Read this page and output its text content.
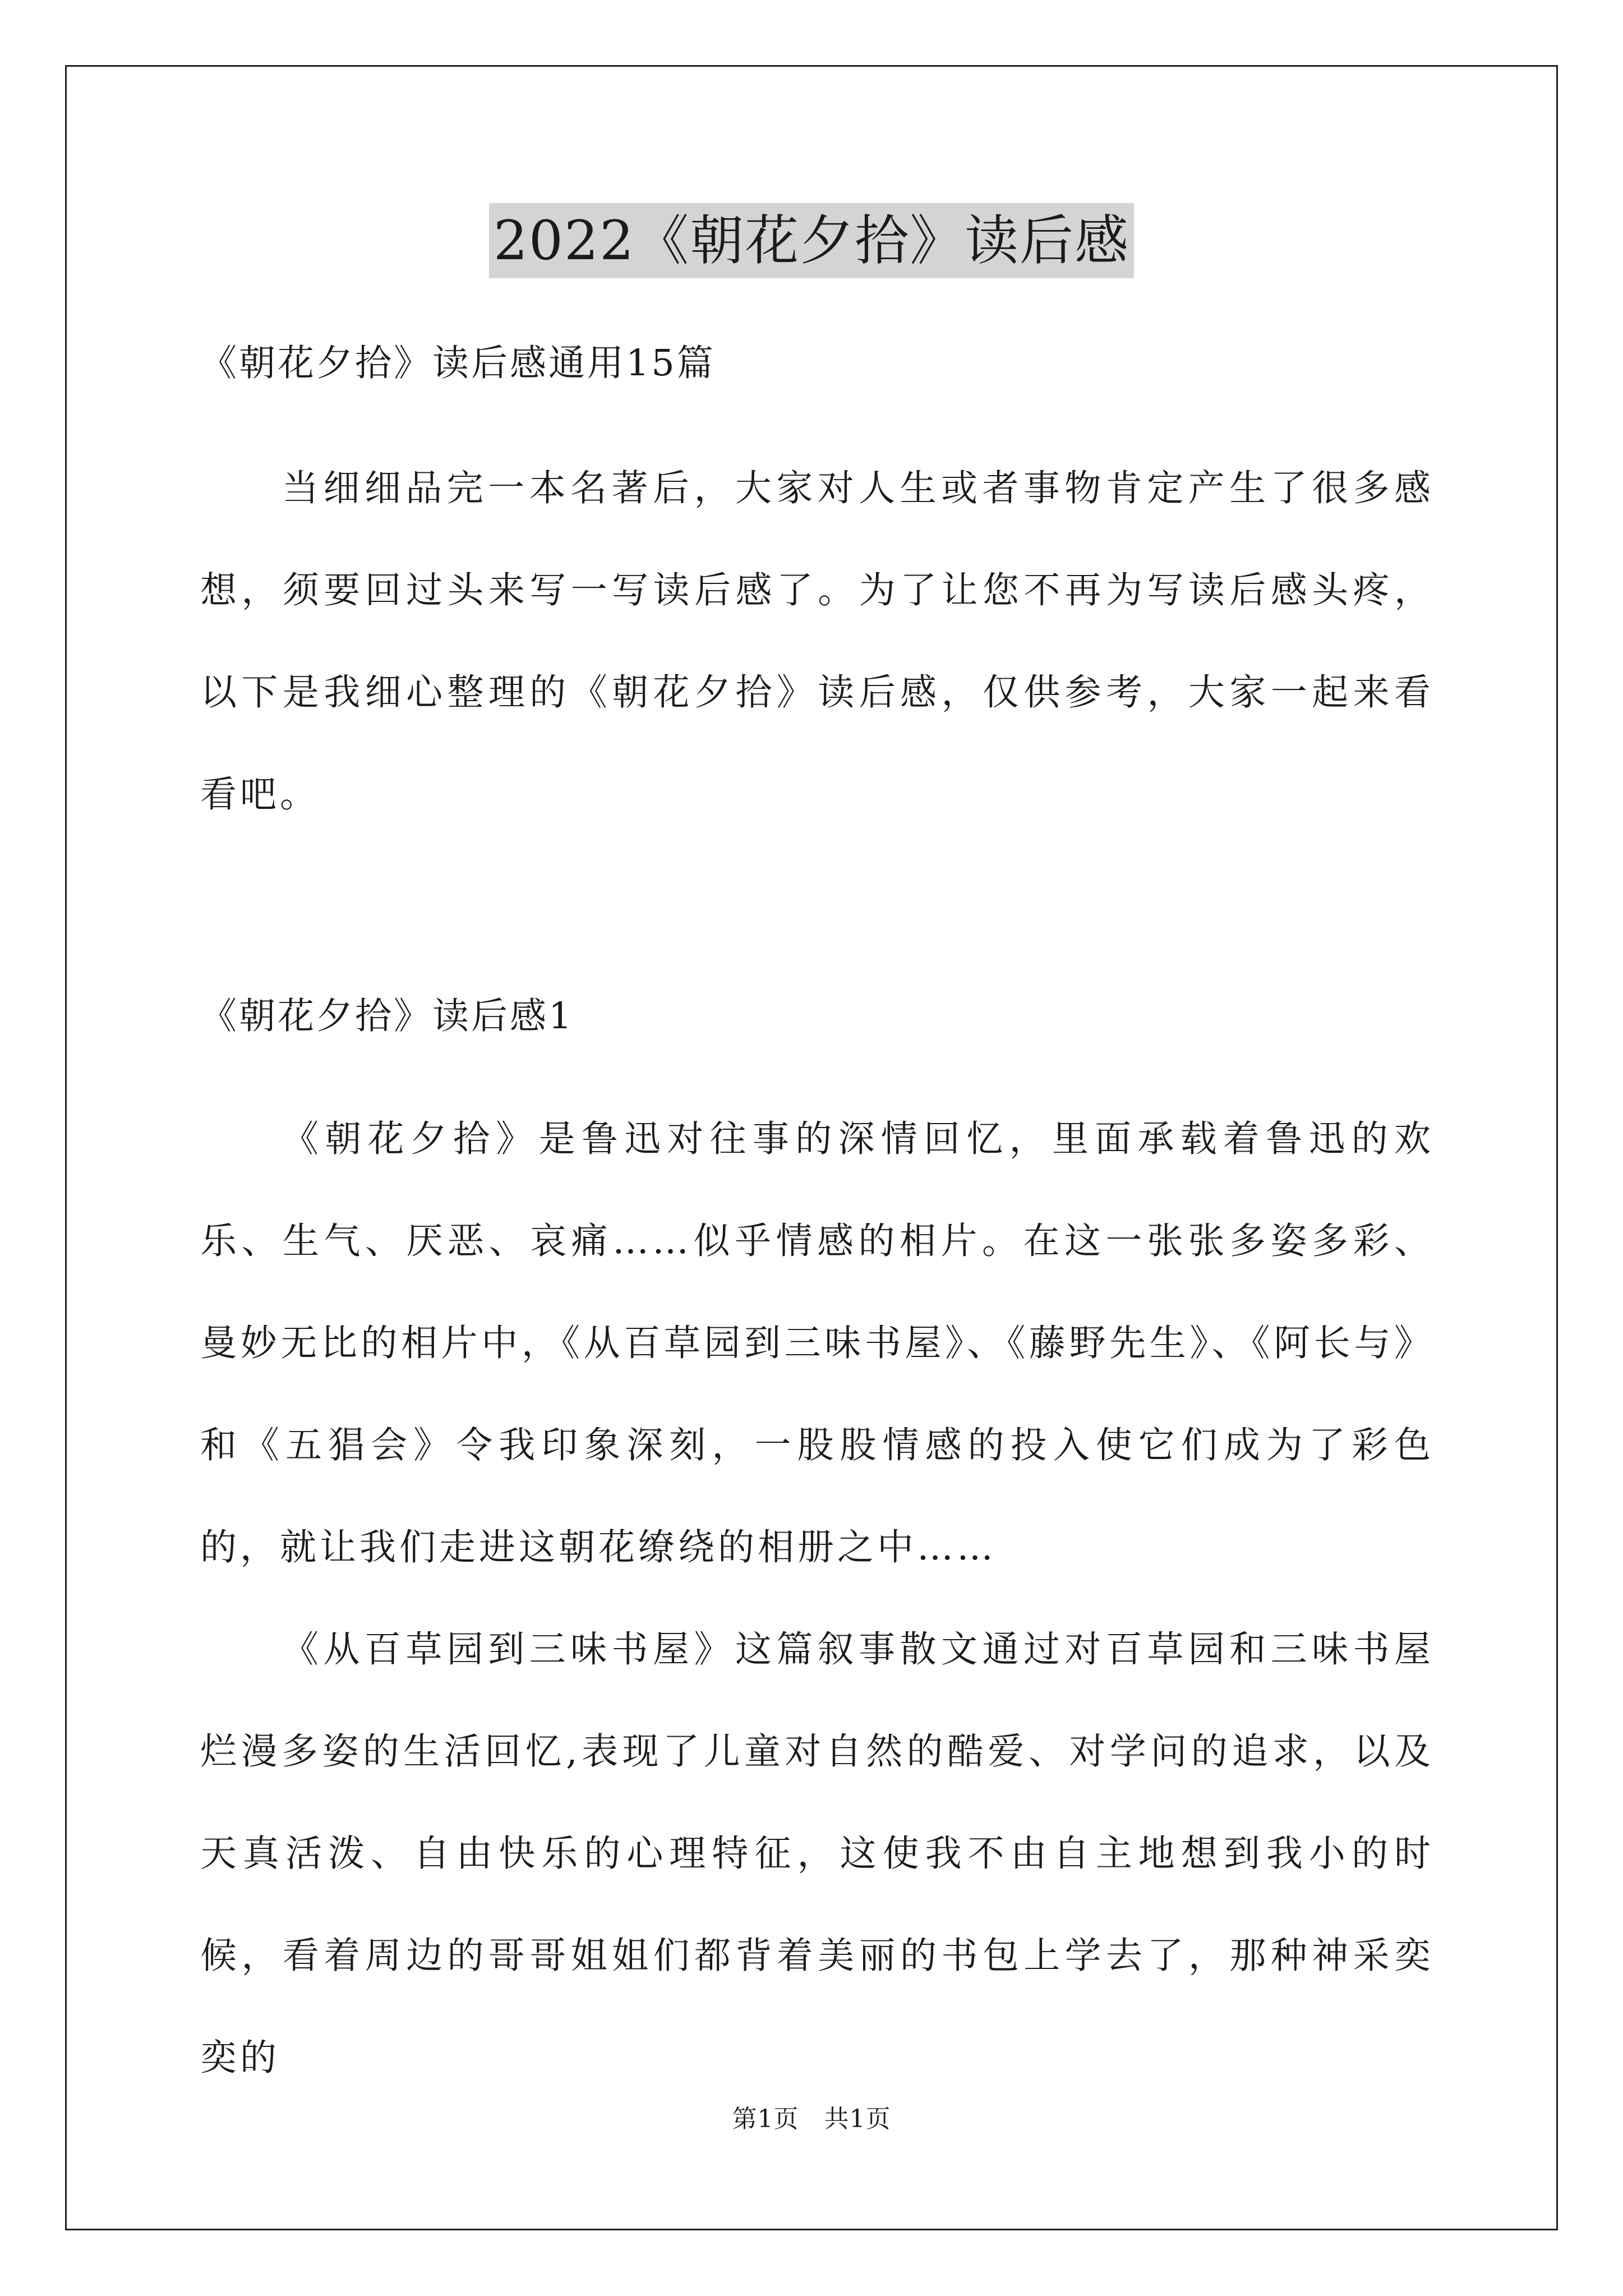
2022《朝花夕拾》读后感
《朝花夕拾》读后感通用15篇

当细细品完一本名著后，大家对人生或者事物肯定产生了很多感想，须要回过头来写一写读后感了。为了让您不再为写读后感头疼，以下是我细心整理的《朝花夕拾》读后感，仅供参考，大家一起来看看吧。

《朝花夕拾》读后感1

《朝花夕拾》是鲁迅对往事的深情回忆，里面承载着鲁迅的欢乐、生气、厌恶、哀痛……似乎情感的相片。在这一张张多姿多彩、曼妙无比的相片中，《从百草园到三味书屋》、《藤野先生》、《阿长与》和《五猖会》令我印象深刻，一股股情感的投入使它们成为了彩色的，就让我们走进这朝花缭绕的相册之中……

《从百草园到三味书屋》这篇叙事散文通过对百草园和三味书屋烂漫多姿的生活回忆,表现了儿童对自然的酷爱、对学问的追求，以及天真活泼、自由快乐的心理特征，这使我不由自主地想到我小的时候，看着周边的哥哥姐姐们都背着美丽的书包上学去了，那种神采奕奕的

第1页　共1页
